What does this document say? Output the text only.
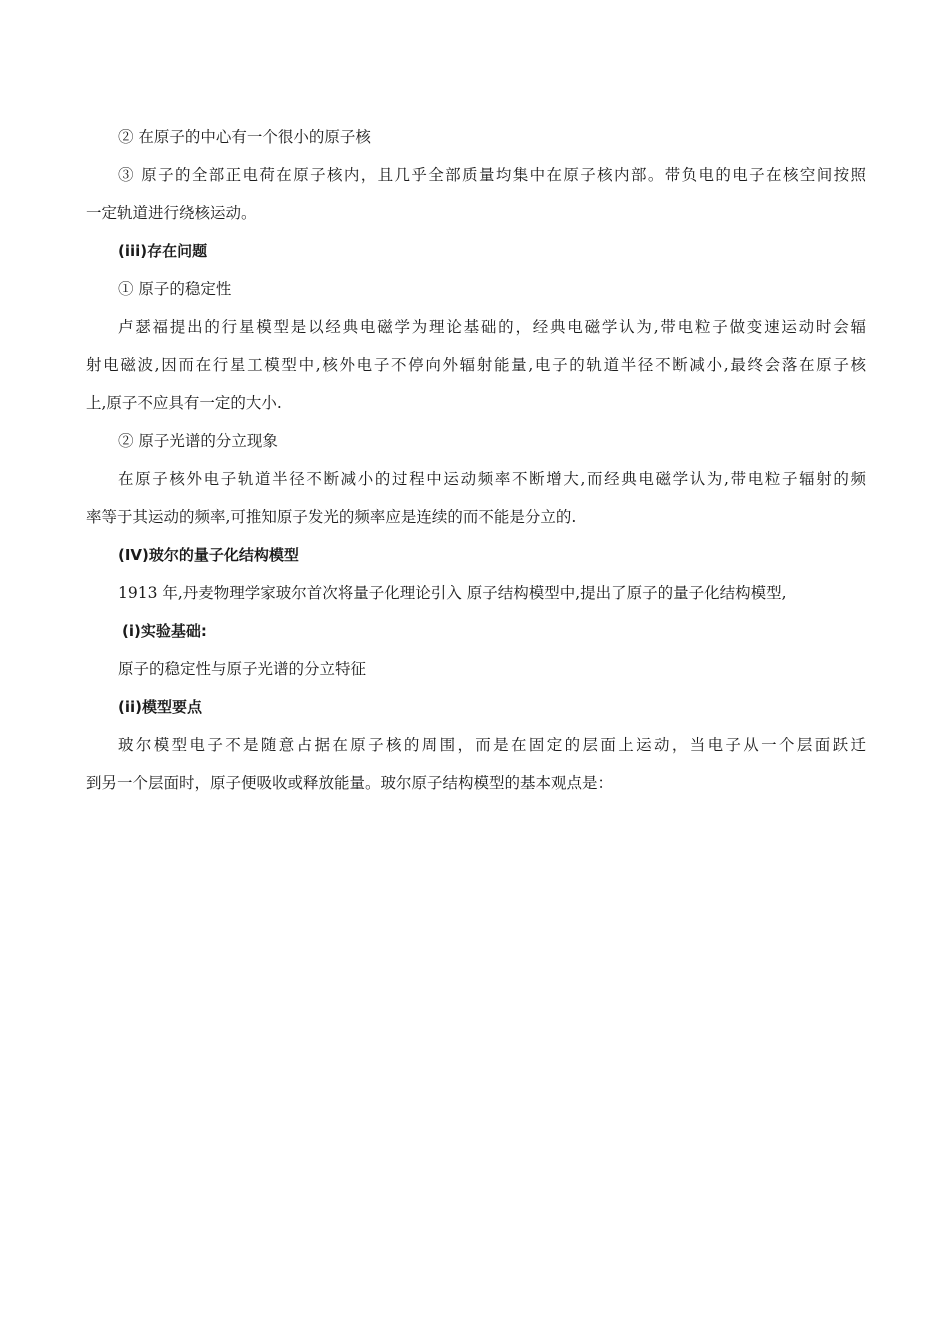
② 在原子的中心有一个很小的原子核
③ 原子的全部正电荷在原子核内，且几乎全部质量均集中在原子核内部。带负电的电子在核空间按照
一定轨道进行绕核运动。
(iii)存在问题
① 原子的稳定性
卢瑟福提出的行星模型是以经典电磁学为理论基础的，经典电磁学认为,带电粒子做变速运动时会辐
射电磁波,因而在行星工模型中,核外电子不停向外辐射能量,电子的轨道半径不断减小,最终会落在原子核
上,原子不应具有一定的大小.
② 原子光谱的分立现象
在原子核外电子轨道半径不断减小的过程中运动频率不断增大,而经典电磁学认为,带电粒子辐射的频
率等于其运动的频率,可推知原子发光的频率应是连续的而不能是分立的.
(IV)玻尔的量子化结构模型
1913 年,丹麦物理学家玻尔首次将量子化理论引入 原子结构模型中,提出了原子的量子化结构模型,
(i)实验基础:
原子的稳定性与原子光谱的分立特征
(ii)模型要点
玻尔模型电子不是随意占据在原子核的周围，而是在固定的层面上运动，当电子从一个层面跃迁
到另一个层面时，原子便吸收或释放能量。玻尔原子结构模型的基本观点是：
